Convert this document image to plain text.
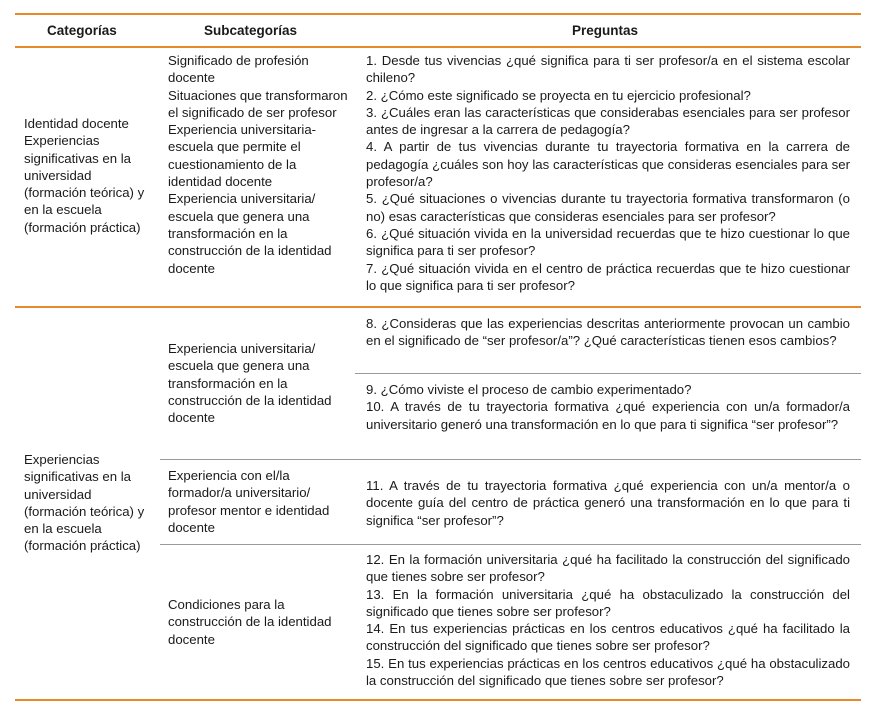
Categorías	Subcategorías	Preguntas
Identidad docente
Experiencias significativas en la universidad (formación teórica) y en la escuela (formación práctica)
Significado de profesión docente
Situaciones que transformaron el significado de ser profesor
Experiencia universitaria-escuela que permite el cuestionamiento de la identidad docente
Experiencia universitaria/ escuela que genera una transformación en la construcción de la identidad docente
1. Desde tus vivencias ¿qué significa para ti ser profesor/a en el sistema escolar chileno?
2. ¿Cómo este significado se proyecta en tu ejercicio profesional?
3. ¿Cuáles eran las características que considerabas esenciales para ser profesor antes de ingresar a la carrera de pedagogía?
4. A partir de tus vivencias durante tu trayectoria formativa en la carrera de pedagogía ¿cuáles son hoy las características que consideras esenciales para ser profesor/a?
5. ¿Qué situaciones o vivencias durante tu trayectoria formativa transformaron (o no) esas características que consideras esenciales para ser profesor?
6. ¿Qué situación vivida en la universidad recuerdas que te hizo cuestionar lo que significa para ti ser profesor?
7. ¿Qué situación vivida en el centro de práctica recuerdas que te hizo cuestionar lo que significa para ti ser profesor?
Experiencias significativas en la universidad (formación teórica) y en la escuela (formación práctica)
Experiencia universitaria/ escuela que genera una transformación en la construcción de la identidad docente
8. ¿Consideras que las experiencias descritas anteriormente provocan un cambio en el significado de “ser profesor/a”? ¿Qué características tienen esos cambios?
9. ¿Cómo viviste el proceso de cambio experimentado?
10. A través de tu trayectoria formativa ¿qué experiencia con un/a formador/a universitario generó una transformación en lo que para ti significa “ser profesor”?
Experiencia con el/la formador/a universitario/ profesor mentor e identidad docente
11. A través de tu trayectoria formativa ¿qué experiencia con un/a mentor/a o docente guía del centro de práctica generó una transformación en lo que para ti significa “ser profesor”?
Condiciones para la construcción de la identidad docente
12. En la formación universitaria ¿qué ha facilitado la construcción del significado que tienes sobre ser profesor?
13. En la formación universitaria ¿qué ha obstaculizado la construcción del significado que tienes sobre ser profesor?
14. En tus experiencias prácticas en los centros educativos ¿qué ha facilitado la construcción del significado que tienes sobre ser profesor?
15. En tus experiencias prácticas en los centros educativos ¿qué ha obstaculizado la construcción del significado que tienes sobre ser profesor?
